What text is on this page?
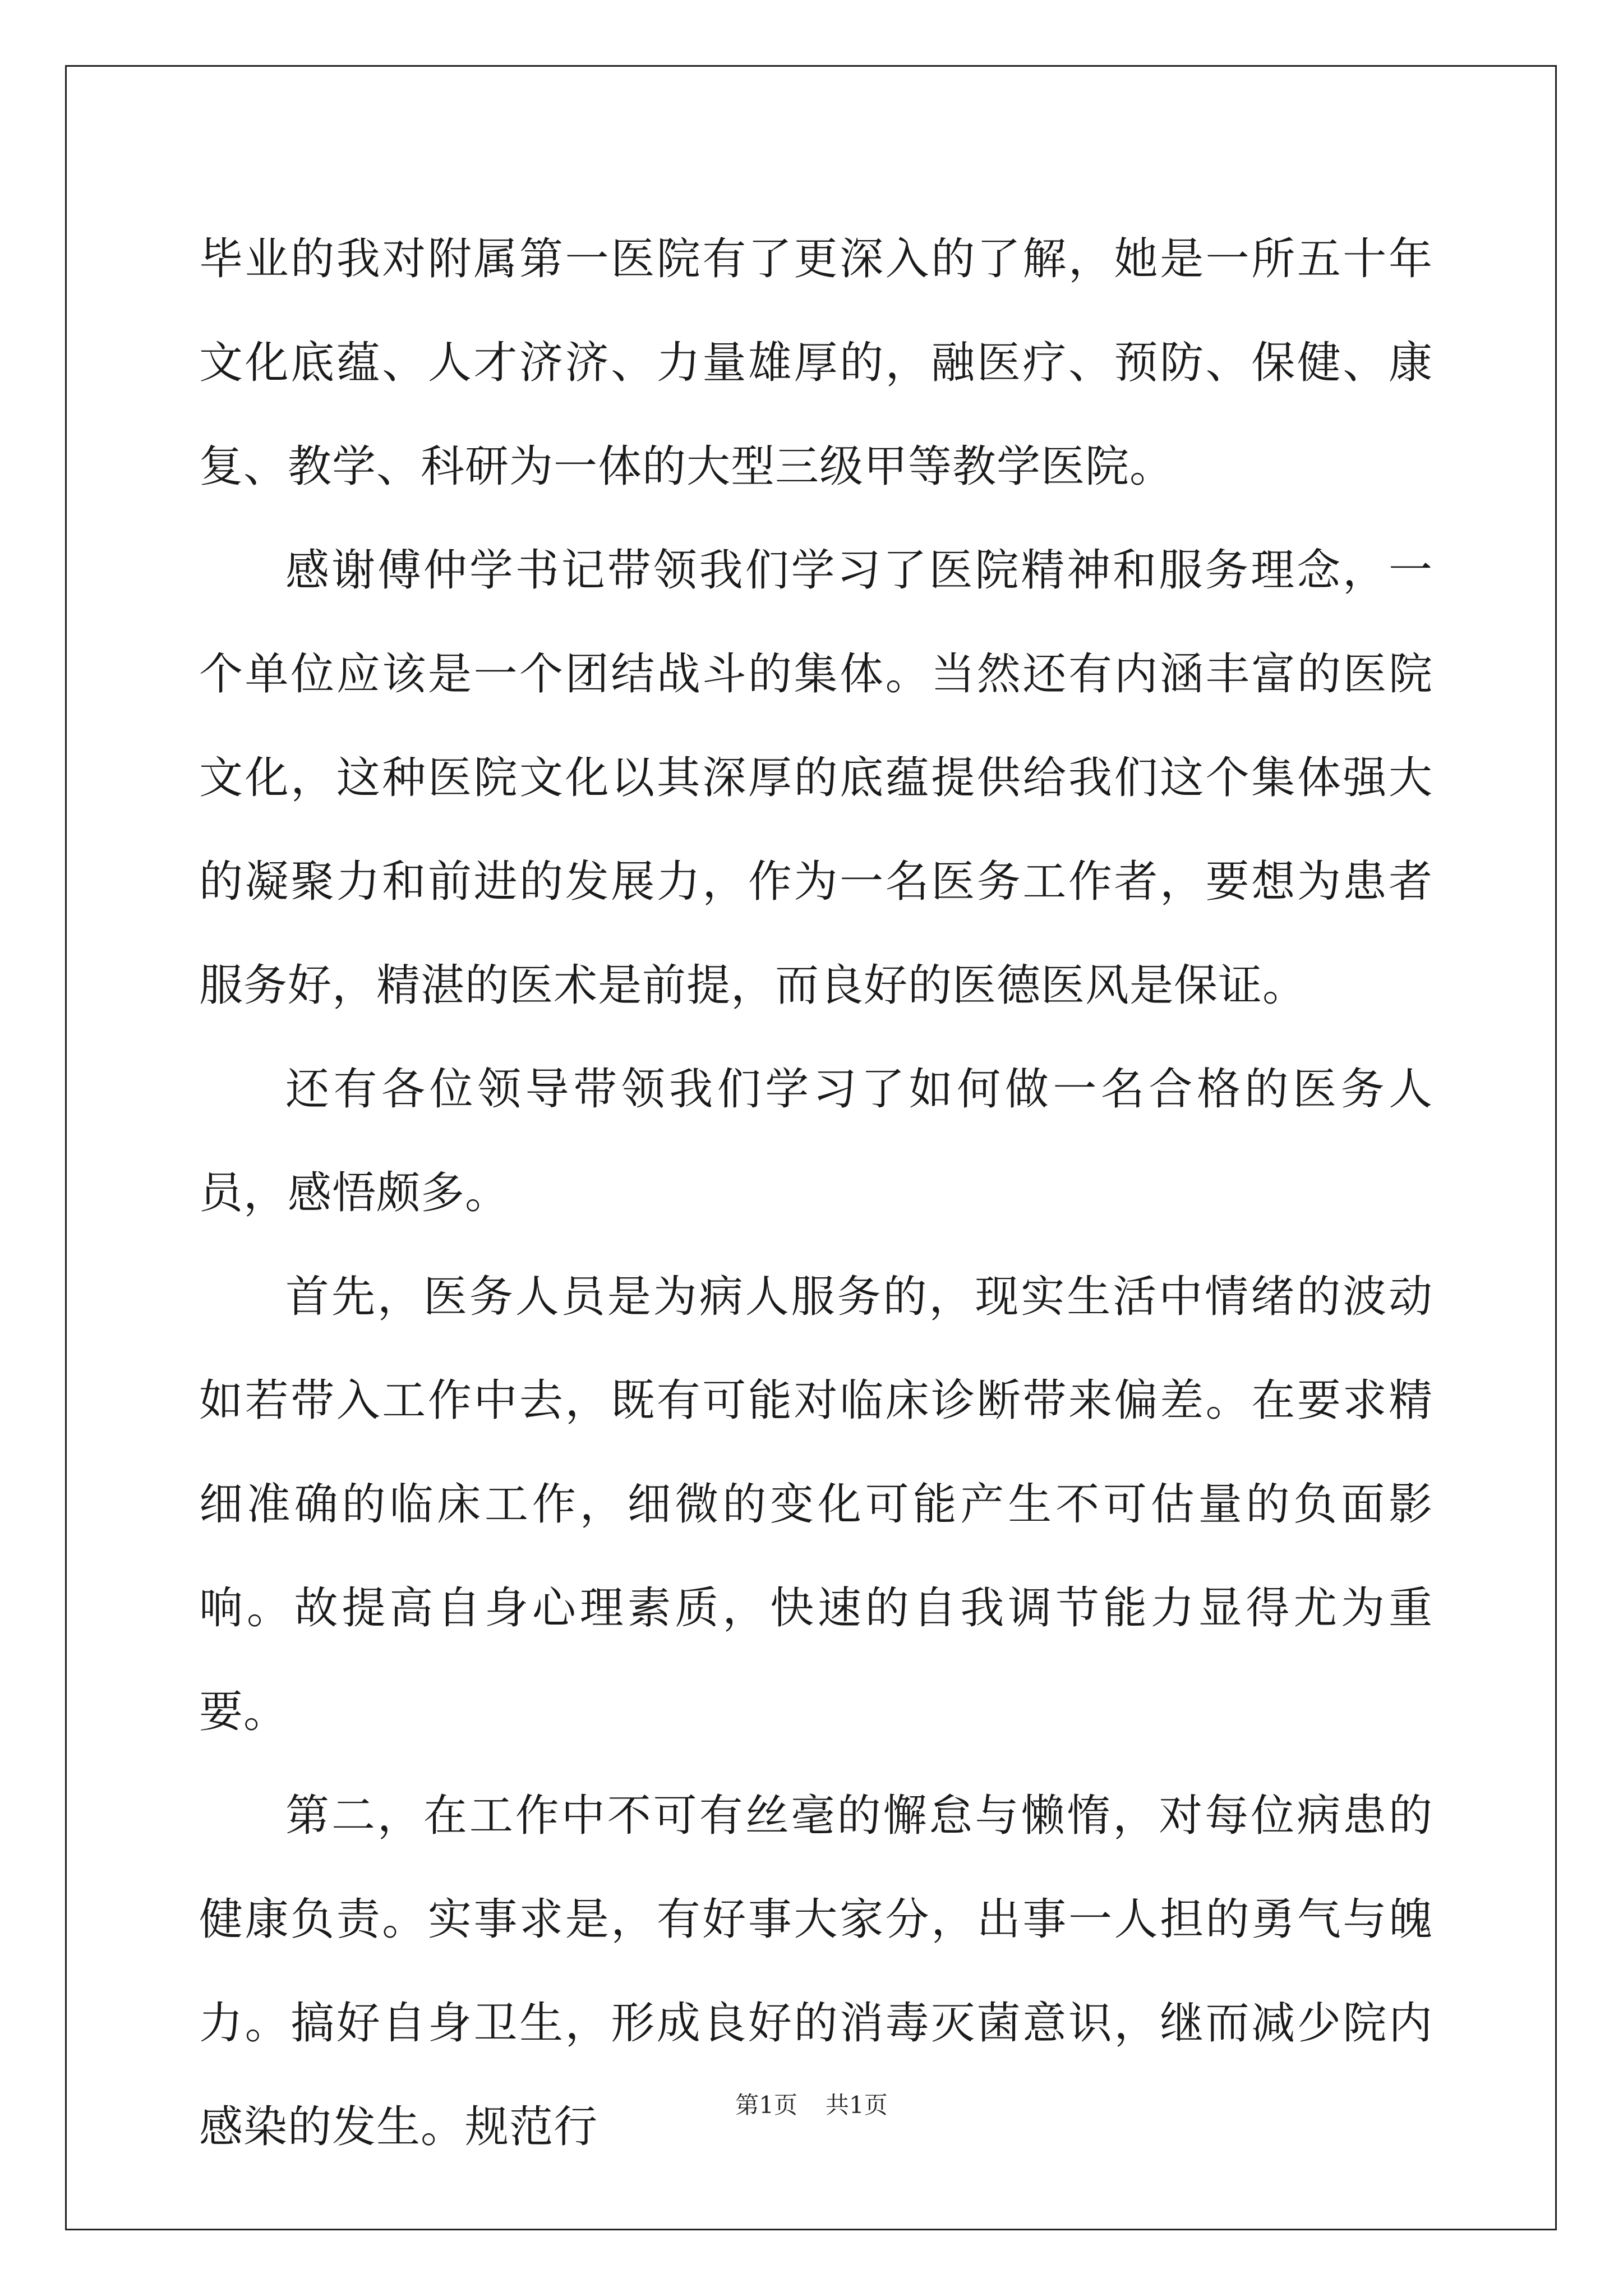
毕业的我对附属第一医院有了更深入的了解，她是一所五十年文化底蕴、人才济济、力量雄厚的，融医疗、预防、保健、康复、教学、科研为一体的大型三级甲等教学医院。

感谢傅仲学书记带领我们学习了医院精神和服务理念，一个单位应该是一个团结战斗的集体。当然还有内涵丰富的医院文化，这种医院文化以其深厚的底蕴提供给我们这个集体强大的凝聚力和前进的发展力，作为一名医务工作者，要想为患者服务好，精湛的医术是前提，而良好的医德医风是保证。

还有各位领导带领我们学习了如何做一名合格的医务人员，感悟颇多。

首先，医务人员是为病人服务的，现实生活中情绪的波动如若带入工作中去，既有可能对临床诊断带来偏差。在要求精细准确的临床工作，细微的变化可能产生不可估量的负面影响。故提高自身心理素质，快速的自我调节能力显得尤为重要。

第二，在工作中不可有丝毫的懈怠与懒惰，对每位病患的健康负责。实事求是，有好事大家分，出事一人担的勇气与魄力。搞好自身卫生，形成良好的消毒灭菌意识，继而减少院内感染的发生。规范行	第1页 共1页
